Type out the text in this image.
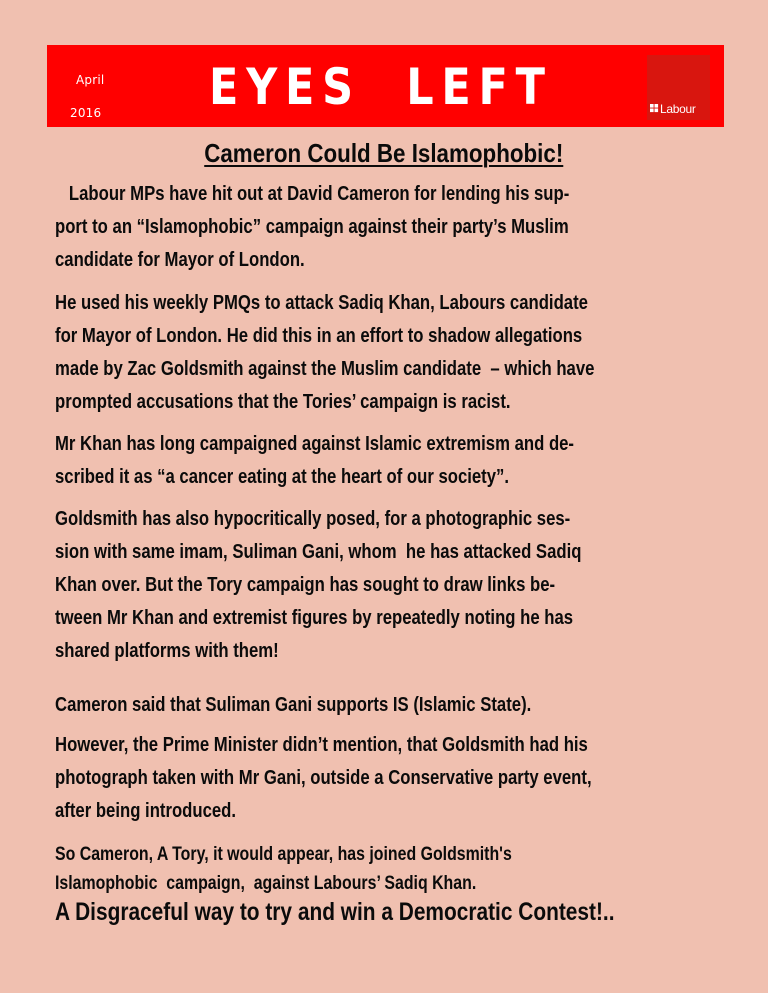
April
2016 EYES  LEFT	Labour
Cameron Could Be Islamophobic!
Labour MPs have hit out at David Cameron for lending his sup-
port to an “Islamophobic” campaign against their party’s Muslim
candidate for Mayor of London.
He used his weekly PMQs to attack Sadiq Khan, Labours candidate
for Mayor of London. He did this in an effort to shadow allegations
made by Zac Goldsmith against the Muslim candidate  – which have
prompted accusations that the Tories’ campaign is racist.
Mr Khan has long campaigned against Islamic extremism and de-
scribed it as “a cancer eating at the heart of our society”.
Goldsmith has also hypocritically posed, for a photographic ses-
sion with same imam, Suliman Gani, whom  he has attacked Sadiq
Khan over. But the Tory campaign has sought to draw links be-
tween Mr Khan and extremist figures by repeatedly noting he has
shared platforms with them!
Cameron said that Suliman Gani supports IS (Islamic State).
However, the Prime Minister didn’t mention, that Goldsmith had his
photograph taken with Mr Gani, outside a Conservative party event,
after being introduced.
So Cameron, A Tory, it would appear, has joined Goldsmith's
Islamophobic  campaign,  against Labours’ Sadiq Khan.
A Disgraceful way to try and win a Democratic Contest!..
